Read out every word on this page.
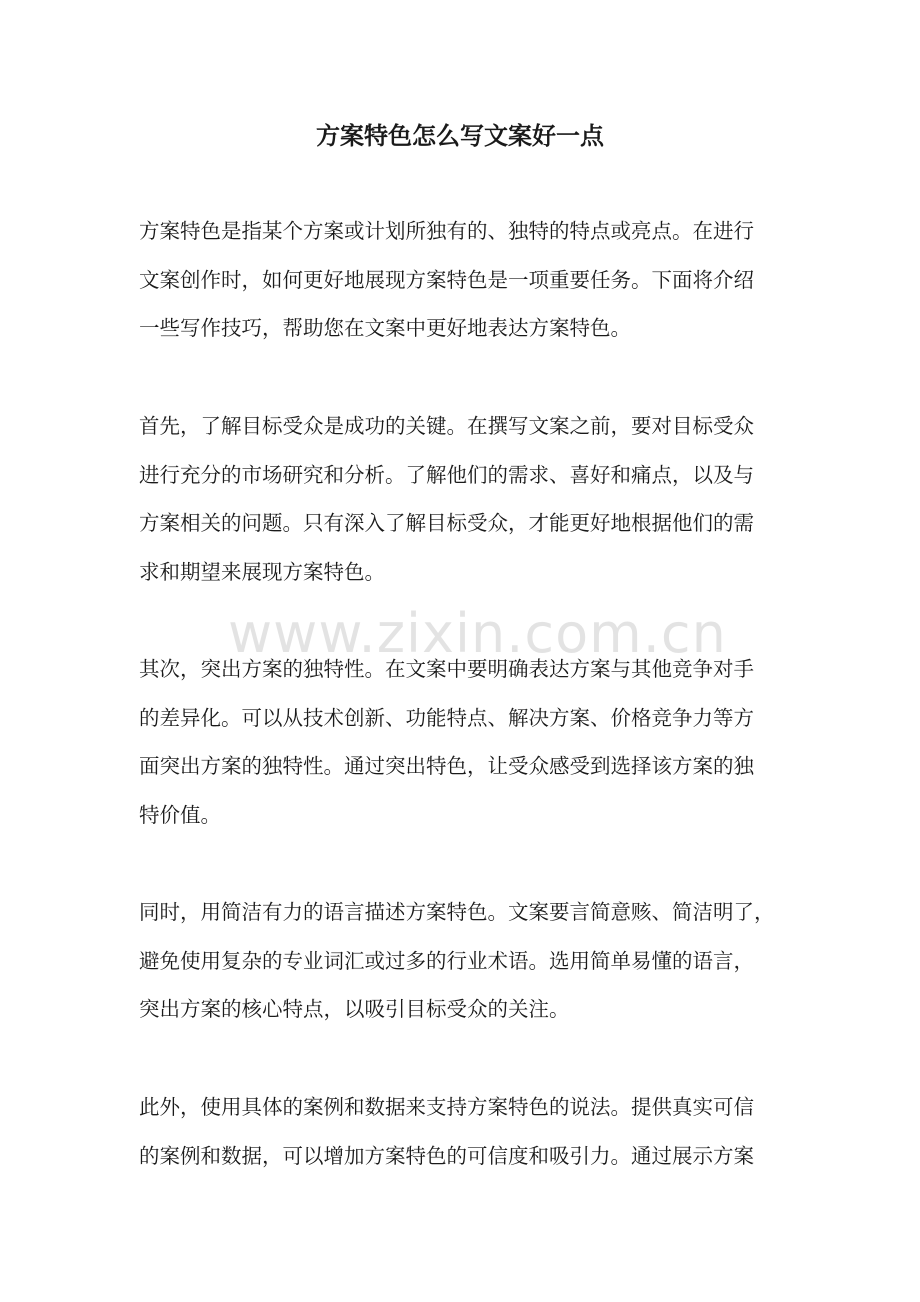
方案特色怎么写文案好一点

方案特色是指某个方案或计划所独有的、独特的特点或亮点。在进行
文案创作时，如何更好地展现方案特色是一项重要任务。下面将介绍
一些写作技巧，帮助您在文案中更好地表达方案特色。

首先，了解目标受众是成功的关键。在撰写文案之前，要对目标受众
进行充分的市场研究和分析。了解他们的需求、喜好和痛点，以及与
方案相关的问题。只有深入了解目标受众，才能更好地根据他们的需
求和期望来展现方案特色。

其次，突出方案的独特性。在文案中要明确表达方案与其他竞争对手
的差异化。可以从技术创新、功能特点、解决方案、价格竞争力等方
面突出方案的独特性。通过突出特色，让受众感受到选择该方案的独
特价值。

同时，用简洁有力的语言描述方案特色。文案要言简意赅、简洁明了，
避免使用复杂的专业词汇或过多的行业术语。选用简单易懂的语言，
突出方案的核心特点，以吸引目标受众的关注。

此外，使用具体的案例和数据来支持方案特色的说法。提供真实可信
的案例和数据，可以增加方案特色的可信度和吸引力。通过展示方案

www.zixin.com.cn
